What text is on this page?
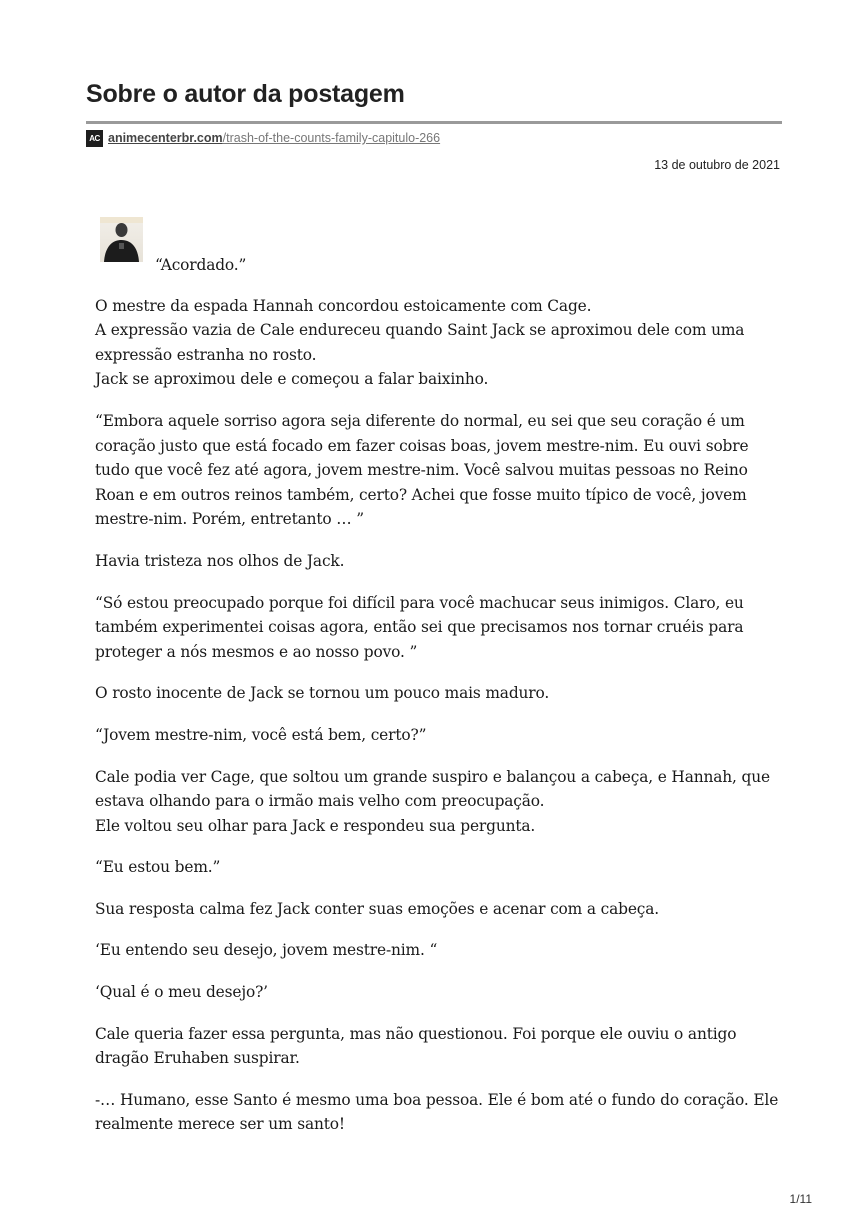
Sobre o autor da postagem
AC animecenterbr.com /trash-of-the-counts-family-capitulo-266
13 de outubro de 2021

“Acordado.”

O mestre da espada Hannah concordou estoicamente com Cage.
A expressão vazia de Cale endureceu quando Saint Jack se aproximou dele com uma expressão estranha no rosto.
Jack se aproximou dele e começou a falar baixinho.

“Embora aquele sorriso agora seja diferente do normal, eu sei que seu coração é um coração justo que está focado em fazer coisas boas, jovem mestre-nim. Eu ouvi sobre tudo que você fez até agora, jovem mestre-nim. Você salvou muitas pessoas no Reino Roan e em outros reinos também, certo? Achei que fosse muito típico de você, jovem mestre-nim. Porém, entretanto … ”

Havia tristeza nos olhos de Jack.

“Só estou preocupado porque foi difícil para você machucar seus inimigos. Claro, eu também experimentei coisas agora, então sei que precisamos nos tornar cruéis para proteger a nós mesmos e ao nosso povo. ”

O rosto inocente de Jack se tornou um pouco mais maduro.

“Jovem mestre-nim, você está bem, certo?”

Cale podia ver Cage, que soltou um grande suspiro e balançou a cabeça, e Hannah, que estava olhando para o irmão mais velho com preocupação.
Ele voltou seu olhar para Jack e respondeu sua pergunta.

“Eu estou bem.”

Sua resposta calma fez Jack conter suas emoções e acenar com a cabeça.

‘Eu entendo seu desejo, jovem mestre-nim. “

‘Qual é o meu desejo?’

Cale queria fazer essa pergunta, mas não questionou. Foi porque ele ouviu o antigo dragão Eruhaben suspirar.

-… Humano, esse Santo é mesmo uma boa pessoa. Ele é bom até o fundo do coração. Ele realmente merece ser um santo!

1/11
